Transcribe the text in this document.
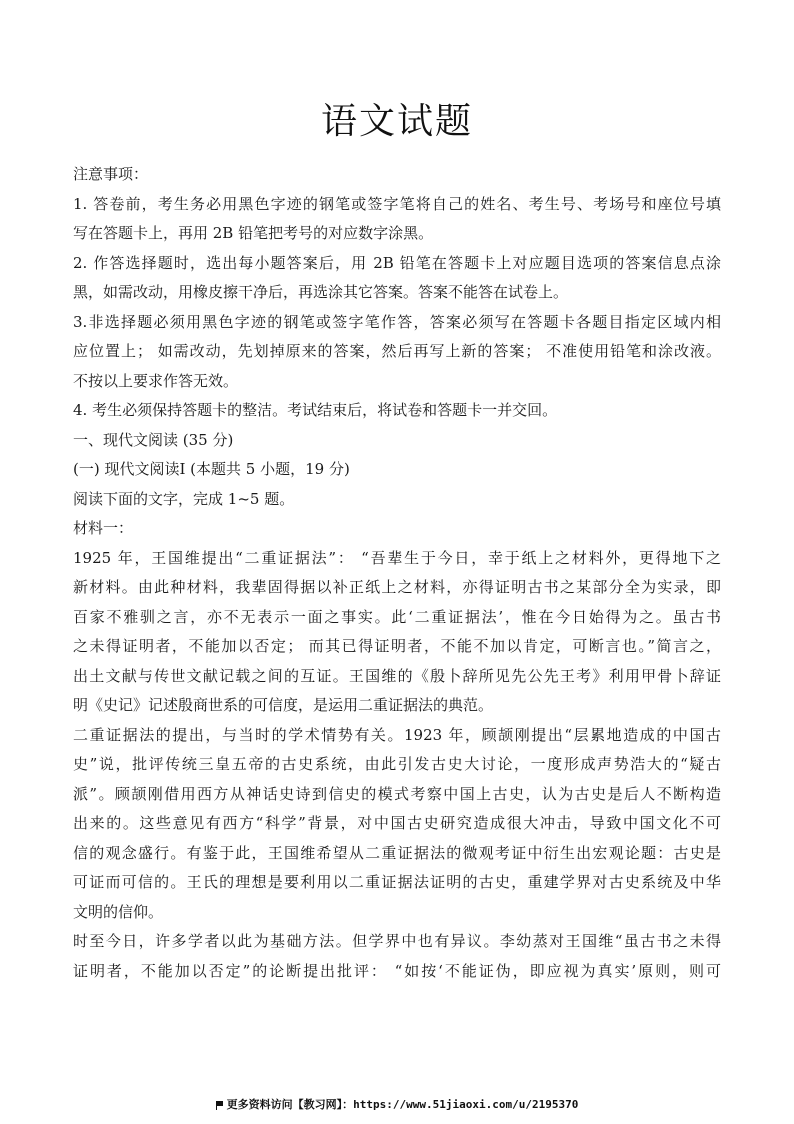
语文试题
注意事项：
1. 答卷前，考生务必用黑色字迹的钢笔或签字笔将自己的姓名、考生号、考场号和座位号填
写在答题卡上，再用 2B 铅笔把考号的对应数字涂黑。
2. 作答选择题时，选出每小题答案后，用 2B 铅笔在答题卡上对应题目选项的答案信息点涂
黑，如需改动，用橡皮擦干净后，再选涂其它答案。答案不能答在试卷上。
3.非选择题必须用黑色字迹的钢笔或签字笔作答，答案必须写在答题卡各题目指定区域内相
应位置上； 如需改动，先划掉原来的答案，然后再写上新的答案； 不准使用铅笔和涂改液。
不按以上要求作答无效。
4. 考生必须保持答题卡的整洁。考试结束后，将试卷和答题卡一并交回。
一、现代文阅读 (35 分)
(一) 现代文阅读Ⅰ (本题共 5 小题，19 分)
阅读下面的文字，完成 1~5 题。
材料一：
1925 年，王国维提出“二重证据法”： “吾辈生于今日，幸于纸上之材料外，更得地下之
新材料。由此种材料，我辈固得据以补正纸上之材料，亦得证明古书之某部分全为实录，即
百家不雅驯之言，亦不无表示一面之事实。此‘二重证据法’，惟在今日始得为之。虽古书
之未得证明者，不能加以否定； 而其已得证明者，不能不加以肯定，可断言也。”简言之，
出土文献与传世文献记载之间的互证。王国维的《殷卜辞所见先公先王考》利用甲骨卜辞证
明《史记》记述殷商世系的可信度，是运用二重证据法的典范。
二重证据法的提出，与当时的学术情势有关。1923 年，顾颉刚提出“层累地造成的中国古
史”说，批评传统三皇五帝的古史系统，由此引发古史大讨论，一度形成声势浩大的“疑古
派”。顾颉刚借用西方从神话史诗到信史的模式考察中国上古史，认为古史是后人不断构造
出来的。这些意见有西方“科学”背景，对中国古史研究造成很大冲击，导致中国文化不可
信的观念盛行。有鉴于此，王国维希望从二重证据法的微观考证中衍生出宏观论题：古史是
可证而可信的。王氏的理想是要利用以二重证据法证明的古史，重建学界对古史系统及中华
文明的信仰。
时至今日，许多学者以此为基础方法。但学界中也有异议。李幼蒸对王国维“虽古书之未得
证明者，不能加以否定”的论断提出批评： “如按‘不能证伪，即应视为真实’原则，则可
更多资料访问【教习网】：https://www.51jiaoxi.com/u/2195370
